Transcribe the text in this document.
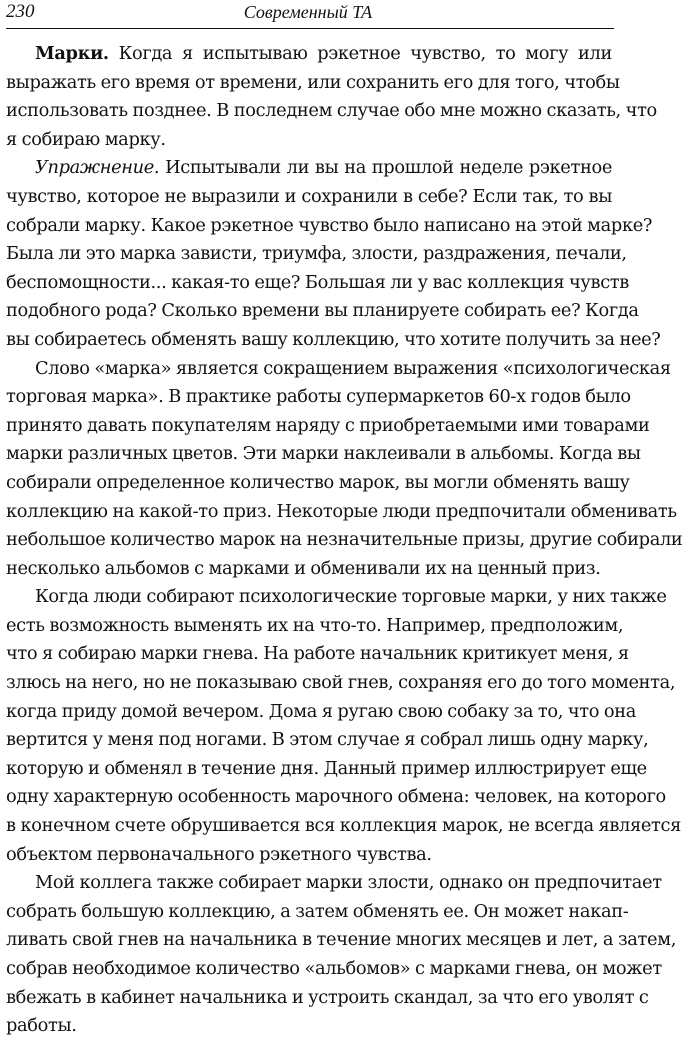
230	Современный ТА
Марки. Когда я испытываю рэкетное чувство, то могу или
выражать его время от времени, или сохранить его для того, чтобы
использовать позднее. В последнем случае обо мне можно сказать, что
я собираю марку.
Упражнение. Испытывали ли вы на прошлой неделе рэкетное
чувство, которое не выразили и сохранили в себе? Если так, то вы
собрали марку. Какое рэкетное чувство было написано на этой марке?
Была ли это марка зависти, триумфа, злости, раздражения, печали,
беспомощности... какая-то еще? Большая ли у вас коллекция чувств
подобного рода? Сколько времени вы планируете собирать ее? Когда
вы собираетесь обменять вашу коллекцию, что хотите получить за нее?
Слово «марка» является сокращением выражения «психологическая
торговая марка». В практике работы супермаркетов 60-х годов было
принято давать покупателям наряду с приобретаемыми ими товарами
марки различных цветов. Эти марки наклеивали в альбомы. Когда вы
собирали определенное количество марок, вы могли обменять вашу
коллекцию на какой-то приз. Некоторые люди предпочитали обменивать
небольшое количество марок на незначительные призы, другие собирали
несколько альбомов с марками и обменивали их на ценный приз.
Когда люди собирают психологические торговые марки, у них также
есть возможность выменять их на что-то. Например, предположим,
что я собираю марки гнева. На работе начальник критикует меня, я
злюсь на него, но не показываю свой гнев, сохраняя его до того момента,
когда приду домой вечером. Дома я ругаю свою собаку за то, что она
вертится у меня под ногами. В этом случае я собрал лишь одну марку,
которую и обменял в течение дня. Данный пример иллюстрирует еще
одну характерную особенность марочного обмена: человек, на которого
в конечном счете обрушивается вся коллекция марок, не всегда является
объектом первоначального рэкетного чувства.
Мой коллега также собирает марки злости, однако он предпочитает
собрать большую коллекцию, а затем обменять ее. Он может накап-
ливать свой гнев на начальника в течение многих месяцев и лет, а затем,
собрав необходимое количество «альбомов» с марками гнева, он может
вбежать в кабинет начальника и устроить скандал, за что его уволят с
работы.
